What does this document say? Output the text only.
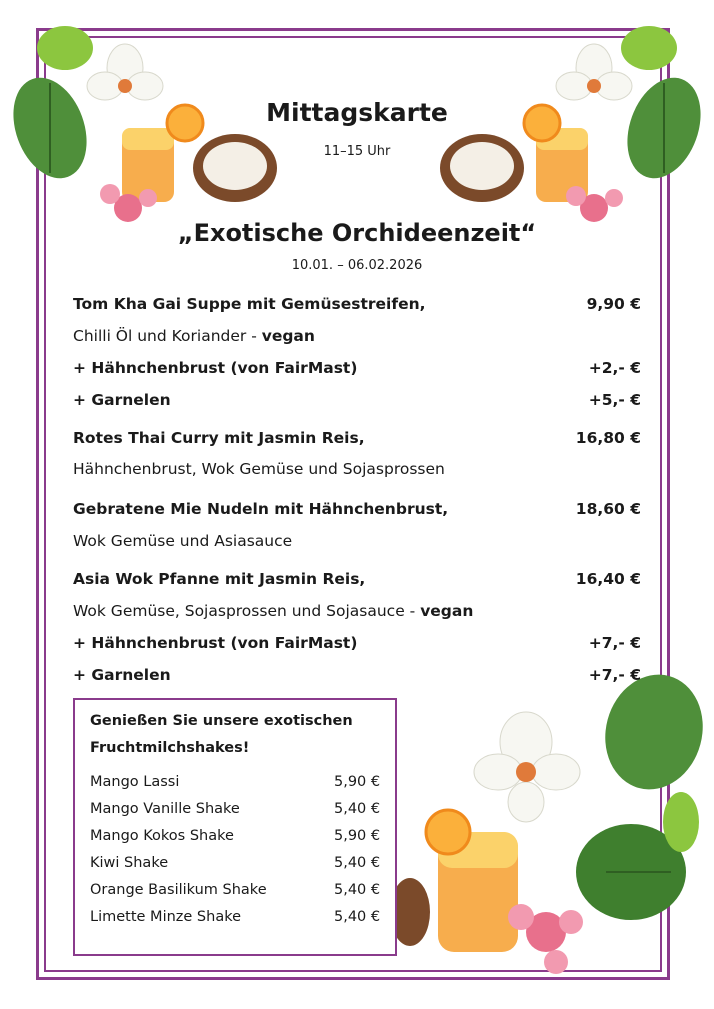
Mittagskarte
11–15 Uhr
„Exotische Orchideenzeit“
10.01. – 06.02.2026
Tom Kha Gai Suppe mit Gemüsestreifen,	9,90 €
Chilli Öl und Koriander - vegan
+ Hähnchenbrust (von FairMast)	+2,- €
+ Garnelen	+5,- €
Rotes Thai Curry mit Jasmin Reis,	16,80 €
Hähnchenbrust, Wok Gemüse und Sojasprossen
Gebratene Mie Nudeln mit Hähnchenbrust,	18,60 €
Wok Gemüse und Asiasauce
Asia Wok Pfanne mit Jasmin Reis,	16,40 €
Wok Gemüse, Sojasprossen und Sojasauce - vegan
+ Hähnchenbrust (von FairMast)	+7,- €
+ Garnelen	+7,- €
Genießen Sie unsere exotischen
Fruchtmilchshakes!
Mango Lassi	5,90 €
Mango Vanille Shake	5,40 €
Mango Kokos Shake	5,90 €
Kiwi Shake	5,40 €
Orange Basilikum Shake	5,40 €
Limette Minze Shake	5,40 €
